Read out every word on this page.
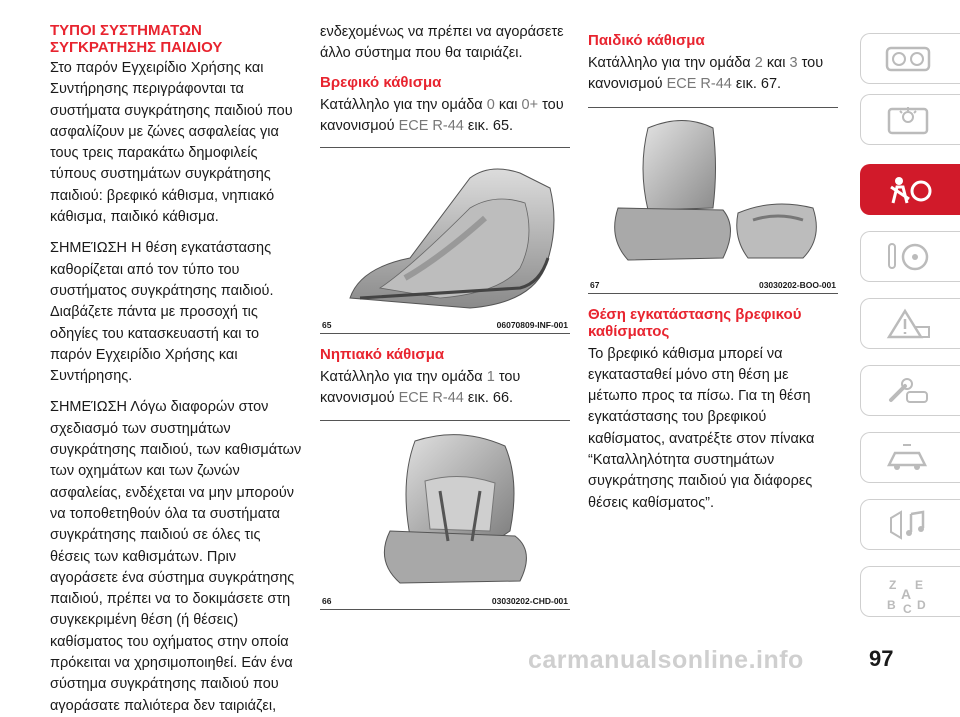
ΤΥΠΟΙ ΣΥΣΤΗΜΑΤΩΝ
ΣΥΓΚΡΑΤΗΣΗΣ ΠΑΙΔΙΟΥ

Στο παρόν Εγχειρίδιο Χρήσης και Συντήρησης περιγράφονται τα συστήματα συγκράτησης παιδιού που ασφαλίζουν με ζώνες ασφαλείας για τους τρεις παρακάτω δημοφιλείς τύπους συστημάτων συγκράτησης παιδιού: βρεφικό κάθισμα, νηπιακό κάθισμα, παιδικό κάθισμα.

ΣΗΜΕΊΩΣΗ Η θέση εγκατάστασης καθορίζεται από τον τύπο του συστήματος συγκράτησης παιδιού. Διαβάζετε πάντα με προσοχή τις οδηγίες του κατασκευαστή και το παρόν Εγχειρίδιο Χρήσης και Συντήρησης.

ΣΗΜΕΊΩΣΗ Λόγω διαφορών στον σχεδιασμό των συστημάτων συγκράτησης παιδιού, των καθισμάτων των οχημάτων και των ζωνών ασφαλείας, ενδέχεται να μην μπορούν να τοποθετηθούν όλα τα συστήματα συγκράτησης παιδιού σε όλες τις θέσεις των καθισμάτων. Πριν αγοράσετε ένα σύστημα συγκράτησης παιδιού, πρέπει να το δοκιμάσετε στη συγκεκριμένη θέση (ή θέσεις) καθίσματος του οχήματος στην οποία πρόκειται να χρησιμοποιηθεί. Εάν ένα σύστημα συγκράτησης παιδιού που αγοράσατε παλιότερα δεν ταιριάζει,

ενδεχομένως να πρέπει να αγοράσετε άλλο σύστημα που θα ταιριάζει.

Βρεφικό κάθισμα

Κατάλληλο για την ομάδα 0 και 0+ του κανονισμού ECE R-44 εικ. 65.

65	06070809-INF-001
Νηπιακό κάθισμα

Κατάλληλο για την ομάδα 1 του κανονισμού ECE R-44 εικ. 66.

66	03030202-CHD-001
Παιδικό κάθισμα

Κατάλληλο για την ομάδα 2 και 3 του κανονισμού ECE R-44 εικ. 67.

67	03030202-BOO-001
Θέση εγκατάστασης βρεφικού καθίσματος

Το βρεφικό κάθισμα μπορεί να εγκατασταθεί μόνο στη θέση με μέτωπο προς τα πίσω. Για τη θέση εγκατάστασης του βρεφικού καθίσματος, ανατρέξτε στον πίνακα “Καταλληλότητα συστημάτων συγκράτησης παιδιού για διάφορες θέσεις καθίσματος”.

Z E
A
B C D
carmanualsonline.info	97
